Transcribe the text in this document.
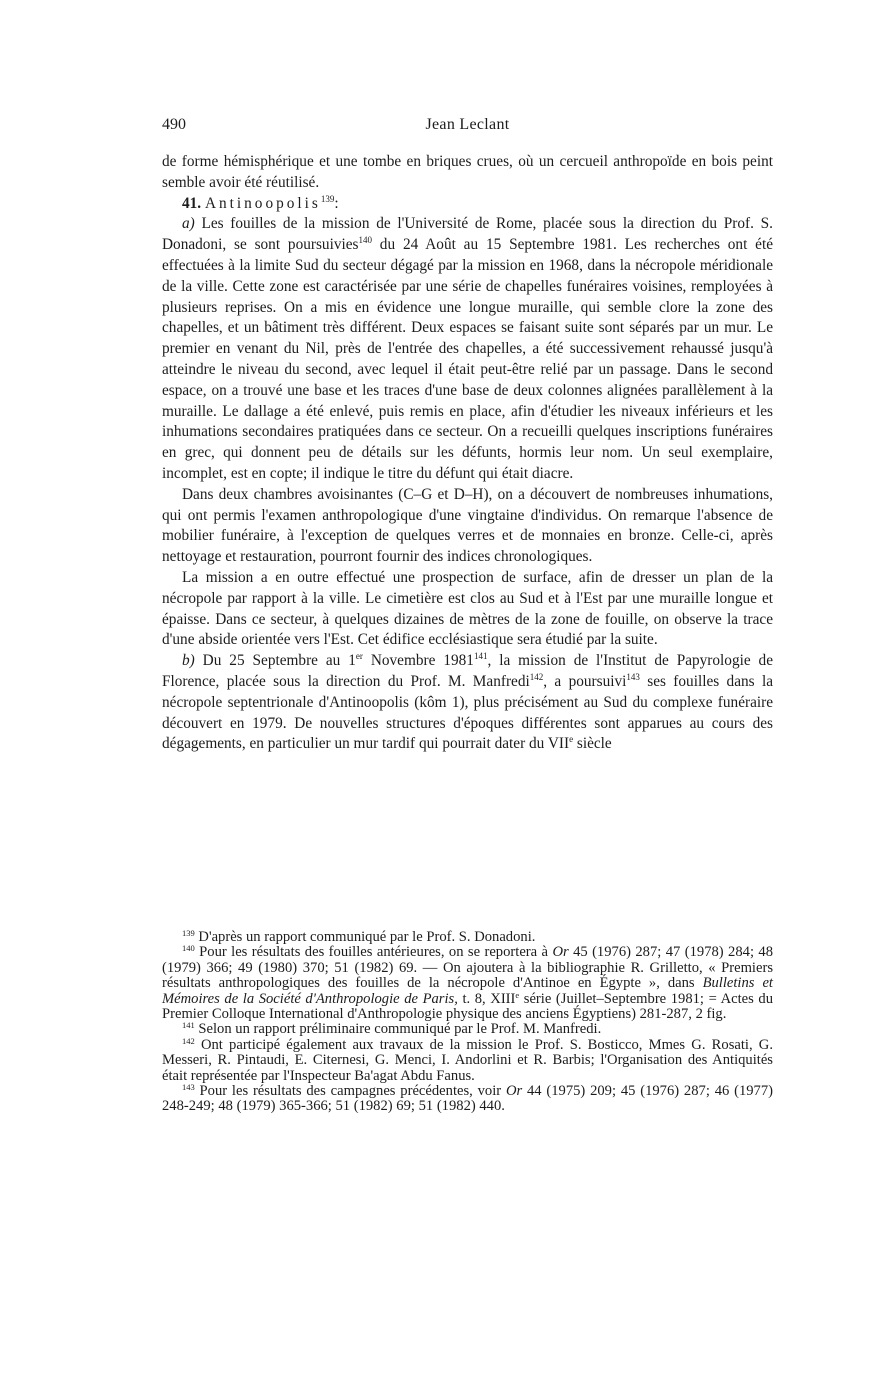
490	Jean Leclant

de forme hémisphérique et une tombe en briques crues, où un cercueil anthropoïde en bois peint semble avoir été réutilisé.

41. Antinoopolis$^{139}$:

a) Les fouilles de la mission de l'Université de Rome, placée sous la direction du Prof. S. Donadoni, se sont poursuivies$^{140}$ du 24 Août au 15 Septembre 1981. Les recherches ont été effectuées à la limite Sud du secteur dégagé par la mission en 1968, dans la nécropole méridionale de la ville. Cette zone est caractérisée par une série de chapelles funéraires voisines, remployées à plusieurs reprises. On a mis en évidence une longue muraille, qui semble clore la zone des chapelles, et un bâtiment très différent. Deux espaces se faisant suite sont séparés par un mur. Le premier en venant du Nil, près de l'entrée des chapelles, a été successivement rehaussé jusqu'à atteindre le niveau du second, avec lequel il était peut-être relié par un passage. Dans le second espace, on a trouvé une base et les traces d'une base de deux colonnes alignées parallèlement à la muraille. Le dallage a été enlevé, puis remis en place, afin d'étudier les niveaux inférieurs et les inhumations secondaires pratiquées dans ce secteur. On a recueilli quelques inscriptions funéraires en grec, qui donnent peu de détails sur les défunts, hormis leur nom. Un seul exemplaire, incomplet, est en copte; il indique le titre du défunt qui était diacre.

Dans deux chambres avoisinantes (C–G et D–H), on a découvert de nombreuses inhumations, qui ont permis l'examen anthropologique d'une vingtaine d'individus. On remarque l'absence de mobilier funéraire, à l'exception de quelques verres et de monnaies en bronze. Celle-ci, après nettoyage et restauration, pourront fournir des indices chronologiques.

La mission a en outre effectué une prospection de surface, afin de dresser un plan de la nécropole par rapport à la ville. Le cimetière est clos au Sud et à l'Est par une muraille longue et épaisse. Dans ce secteur, à quelques dizaines de mètres de la zone de fouille, on observe la trace d'une abside orientée vers l'Est. Cet édifice ecclésiastique sera étudié par la suite.

b) Du 25 Septembre au 1er Novembre 1981$^{141}$, la mission de l'Institut de Papyrologie de Florence, placée sous la direction du Prof. M. Manfredi$^{142}$, a poursuivi$^{143}$ ses fouilles dans la nécropole septentrionale d'Antinoopolis (kôm 1), plus précisément au Sud du complexe funéraire découvert en 1979. De nouvelles structures d'époques différentes sont apparues au cours des dégagements, en particulier un mur tardif qui pourrait dater du VIIe siècle

$^{139}$ D'après un rapport communiqué par le Prof. S. Donadoni.

$^{140}$ Pour les résultats des fouilles antérieures, on se reportera à Or 45 (1976) 287; 47 (1978) 284; 48 (1979) 366; 49 (1980) 370; 51 (1982) 69. — On ajoutera à la bibliographie R. Grilletto, « Premiers résultats anthropologiques des fouilles de la nécropole d'Antinoe en Égypte », dans Bulletins et Mémoires de la Société d'Anthropologie de Paris, t. 8, XIIIe série (Juillet–Septembre 1981; = Actes du Premier Colloque International d'Anthropologie physique des anciens Égyptiens) 281-287, 2 fig.

$^{141}$ Selon un rapport préliminaire communiqué par le Prof. M. Manfredi.

$^{142}$ Ont participé également aux travaux de la mission le Prof. S. Bosticco, Mmes G. Rosati, G. Messeri, R. Pintaudi, E. Citernesi, G. Menci, I. Andorlini et R. Barbis; l'Organisation des Antiquités était représentée par l'Inspecteur Ba'agat Abdu Fanus.

$^{143}$ Pour les résultats des campagnes précédentes, voir Or 44 (1975) 209; 45 (1976) 287; 46 (1977) 248-249; 48 (1979) 365-366; 51 (1982) 69; 51 (1982) 440.
